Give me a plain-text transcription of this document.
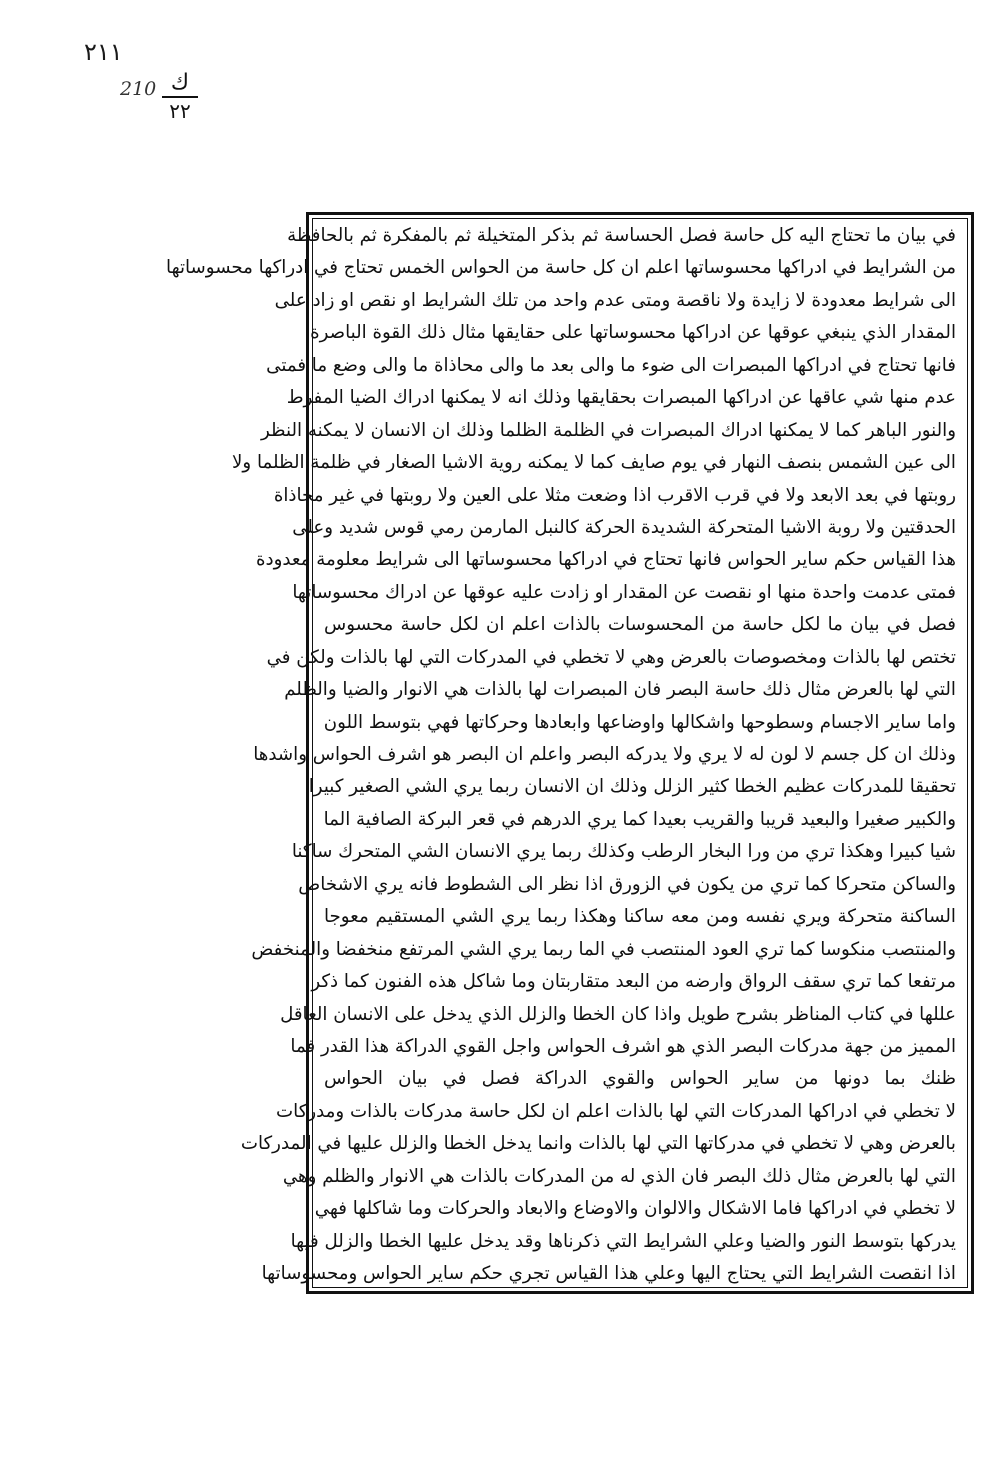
٢١١
210 ك
٢٢
في بيان ما تحتاج اليه كل حاسة فصل الحساسة ثم بذكر المتخيلة ثم بالمفكرة ثم بالحافظة
من الشرايط في ادراكها محسوساتها اعلم ان كل حاسة من الحواس الخمس تحتاج في ادراكها محسوساتها
الى شرايط معدودة لا زايدة ولا ناقصة ومتى عدم واحد من تلك الشرايط او نقص او زاد على
المقدار الذي ينبغي عوقها عن ادراكها محسوساتها على حقايقها مثال ذلك القوة الباصرة
فانها تحتاج في ادراكها المبصرات الى ضوء ما والى بعد ما والى محاذاة ما والى وضع ما فمتى
عدم منها شي عاقها عن ادراكها المبصرات بحقايقها وذلك انه لا يمكنها ادراك الضيا المفرط
والنور الباهر كما لا يمكنها ادراك المبصرات في الظلمة الظلما وذلك ان الانسان لا يمكنه النظر
الى عين الشمس بنصف النهار في يوم صايف كما لا يمكنه روية الاشيا الصغار في ظلمة الظلما ولا
روبتها في بعد الابعد ولا في قرب الاقرب اذا وضعت مثلا على العين ولا روبتها في غير محاذاة
الحدقتين ولا روبة الاشيا المتحركة الشديدة الحركة كالنبل المارمن رمي قوس شديد وعلى
هذا القياس حكم ساير الحواس فانها تحتاج في ادراكها محسوساتها الى شرايط معلومة معدودة
فمتى عدمت واحدة منها او نقصت عن المقدار او زادت عليه عوقها عن ادراك محسوساتها
فصل في بيان ما لكل حاسة من المحسوسات بالذات اعلم ان لكل حاسة محسوس
تختص لها بالذات ومخصوصات بالعرض وهي لا تخطي في المدركات التي لها بالذات ولكن في
التي لها بالعرض مثال ذلك حاسة البصر فان المبصرات لها بالذات هي الانوار والضيا والظلم
واما ساير الاجسام وسطوحها واشكالها واوضاعها وابعادها وحركاتها فهي بتوسط اللون
وذلك ان كل جسم لا لون له لا يري ولا يدركه البصر واعلم ان البصر هو اشرف الحواس واشدها
تحقيقا للمدركات عظيم الخطا كثير الزلل وذلك ان الانسان ربما يري الشي الصغير كبيرا
والكبير صغيرا والبعيد قريبا والقريب بعيدا كما يري الدرهم في قعر البركة الصافية الما
شيا كبيرا وهكذا تري من ورا البخار الرطب وكذلك ربما يري الانسان الشي المتحرك ساكنا
والساكن متحركا كما تري من يكون في الزورق اذا نظر الى الشطوط فانه يري الاشخاص
الساكنة متحركة ويري نفسه ومن معه ساكنا وهكذا ربما يري الشي المستقيم معوجا
والمنتصب منكوسا كما تري العود المنتصب في الما ربما يري الشي المرتفع منخفضا والمنخفض
مرتفعا كما تري سقف الرواق وارضه من البعد متقاربتان وما شاكل هذه الفنون كما ذكر
عللها في كتاب المناظر بشرح طويل واذا كان الخطا والزلل الذي يدخل على الانسان العاقل
المميز من جهة مدركات البصر الذي هو اشرف الحواس واجل القوي الدراكة هذا القدر فما
ظنك بما دونها من ساير الحواس والقوي الدراكة فصل في بيان الحواس
لا تخطي في ادراكها المدركات التي لها بالذات اعلم ان لكل حاسة مدركات بالذات ومدركات
بالعرض وهي لا تخطي في مدركاتها التي لها بالذات وانما يدخل الخطا والزلل عليها في المدركات
التي لها بالعرض مثال ذلك البصر فان الذي له من المدركات بالذات هي الانوار والظلم وهي
لا تخطي في ادراكها فاما الاشكال والالوان والاوضاع والابعاد والحركات وما شاكلها فهي
يدركها بتوسط النور والضيا وعلي الشرايط التي ذكرناها وقد يدخل عليها الخطا والزلل فيها
اذا انقصت الشرايط التي يحتاج اليها وعلي هذا القياس تجري حكم ساير الحواس ومحسوساتها
